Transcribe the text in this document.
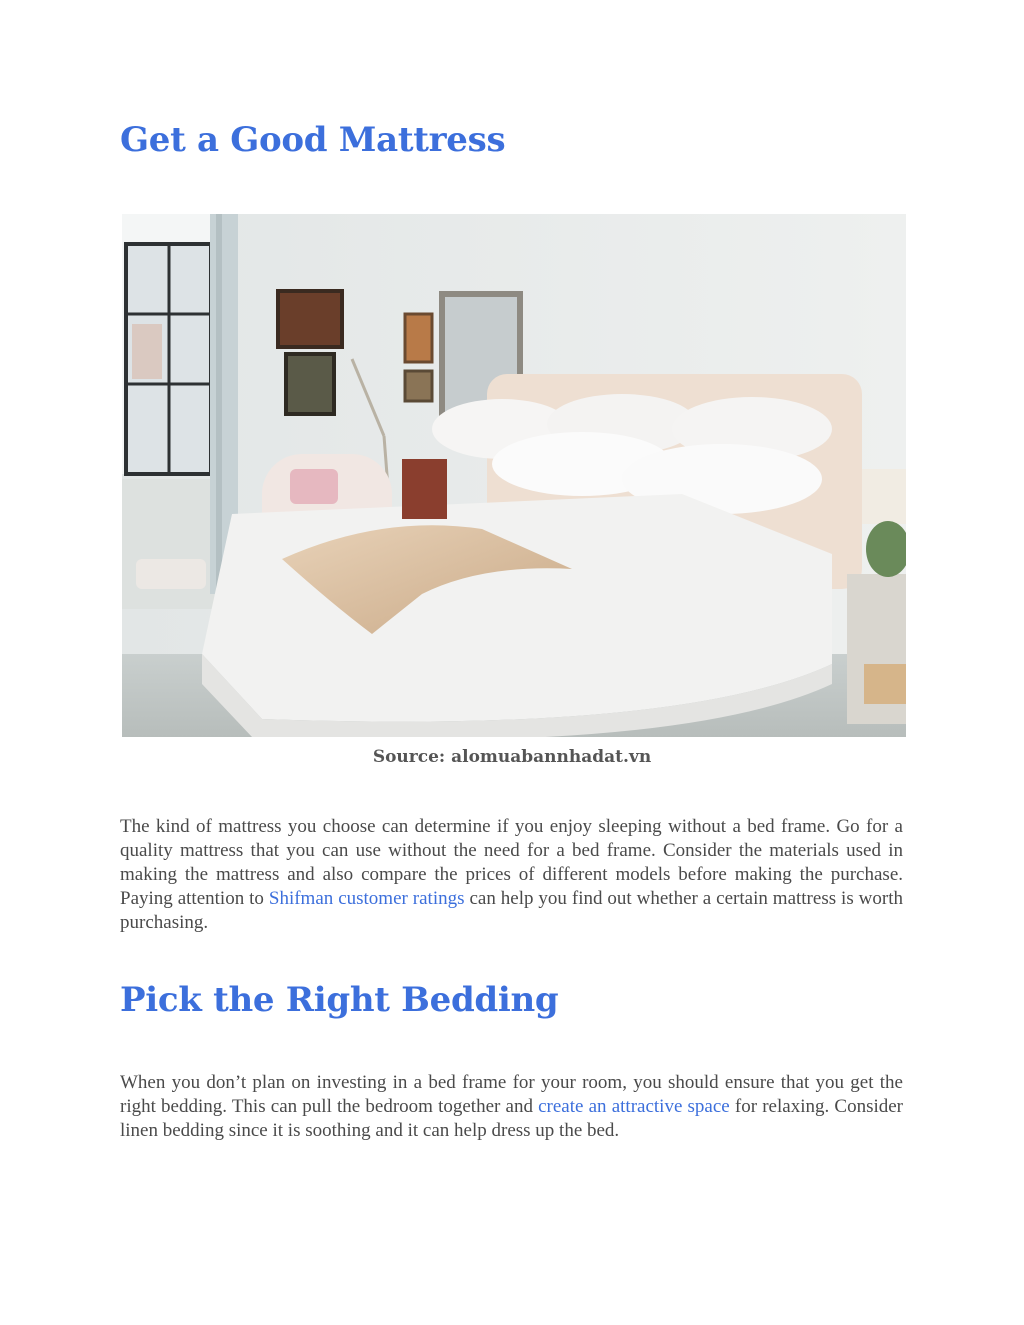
Get a Good Mattress
Source: alomuabannhadat.vn

The kind of mattress you choose can determine if you enjoy sleeping without a bed frame. Go for a quality mattress that you can use without the need for a bed frame. Consider the materials used in making the mattress and also compare the prices of different models before making the purchase. Paying attention to Shifman customer ratings can help you find out whether a certain mattress is worth purchasing.

Pick the Right Bedding

When you don’t plan on investing in a bed frame for your room, you should ensure that you get the right bedding. This can pull the bedroom together and create an attractive space for relaxing. Consider linen bedding since it is soothing and it can help dress up the bed.
